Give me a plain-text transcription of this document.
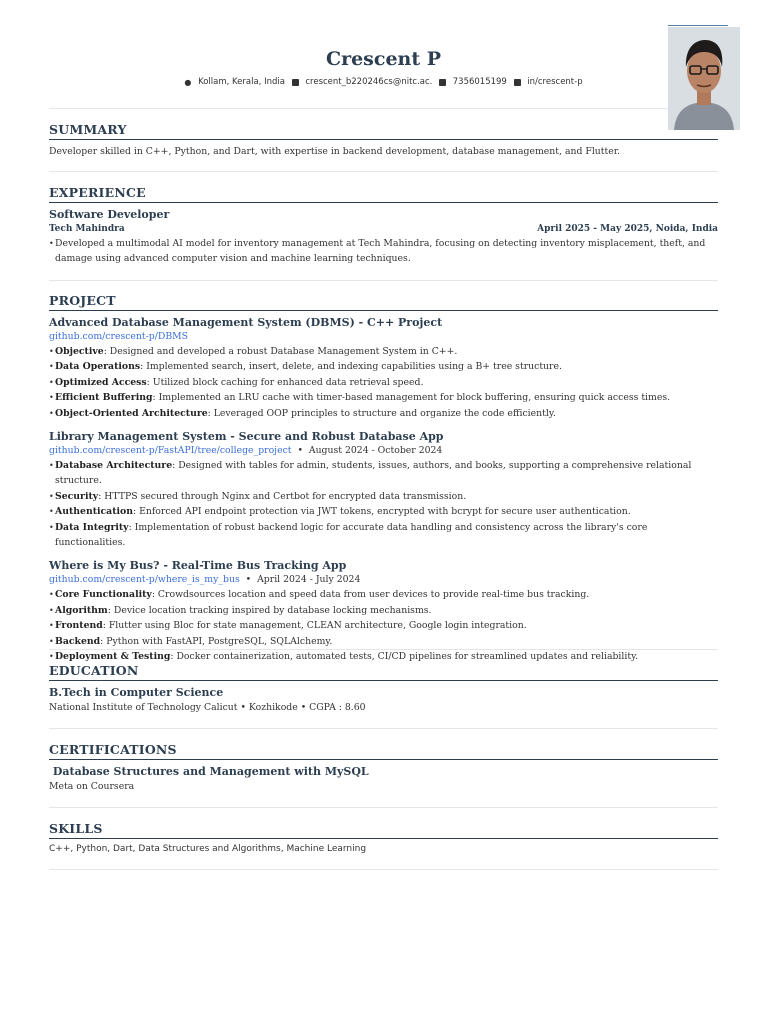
Crescent P
● Kollam, Kerala, India crescent_b220246cs@nitc.ac. 7356015199 in/crescent-p
SUMMARY
Developer skilled in C++, Python, and Dart, with expertise in backend development, database management, and Flutter.
EXPERIENCE
Software Developer
Tech Mahindra	April 2025 - May 2025, Noida, India
• Developed a multimodal AI model for inventory management at Tech Mahindra, focusing on detecting inventory misplacement, theft, and damage using advanced computer vision and machine learning techniques.
PROJECT
Advanced Database Management System (DBMS) - C++ Project
github.com/crescent-p/DBMS
• Objective: Designed and developed a robust Database Management System in C++.
• Data Operations: Implemented search, insert, delete, and indexing capabilities using a B+ tree structure.
• Optimized Access: Utilized block caching for enhanced data retrieval speed.
• Efficient Buffering: Implemented an LRU cache with timer-based management for block buffering, ensuring quick access times.
• Object-Oriented Architecture: Leveraged OOP principles to structure and organize the code efficiently.
Library Management System - Secure and Robust Database App
github.com/crescent-p/FastAPI/tree/college_project  •  August 2024 - October 2024
• Database Architecture: Designed with tables for admin, students, issues, authors, and books, supporting a comprehensive relational structure.
• Security: HTTPS secured through Nginx and Certbot for encrypted data transmission.
• Authentication: Enforced API endpoint protection via JWT tokens, encrypted with bcrypt for secure user authentication.
• Data Integrity: Implementation of robust backend logic for accurate data handling and consistency across the library's core functionalities.
Where is My Bus? - Real-Time Bus Tracking App
github.com/crescent-p/where_is_my_bus  •  April 2024 - July 2024
• Core Functionality: Crowdsources location and speed data from user devices to provide real-time bus tracking.
• Algorithm: Device location tracking inspired by database locking mechanisms.
• Frontend: Flutter using Bloc for state management, CLEAN architecture, Google login integration.
• Backend: Python with FastAPI, PostgreSQL, SQLAlchemy.
• Deployment & Testing: Docker containerization, automated tests, CI/CD pipelines for streamlined updates and reliability.
EDUCATION
B.Tech in Computer Science
National Institute of Technology Calicut • Kozhikode • CGPA : 8.60
CERTIFICATIONS
Database Structures and Management with MySQL
Meta on Coursera
SKILLS
C++, Python, Dart, Data Structures and Algorithms, Machine Learning
